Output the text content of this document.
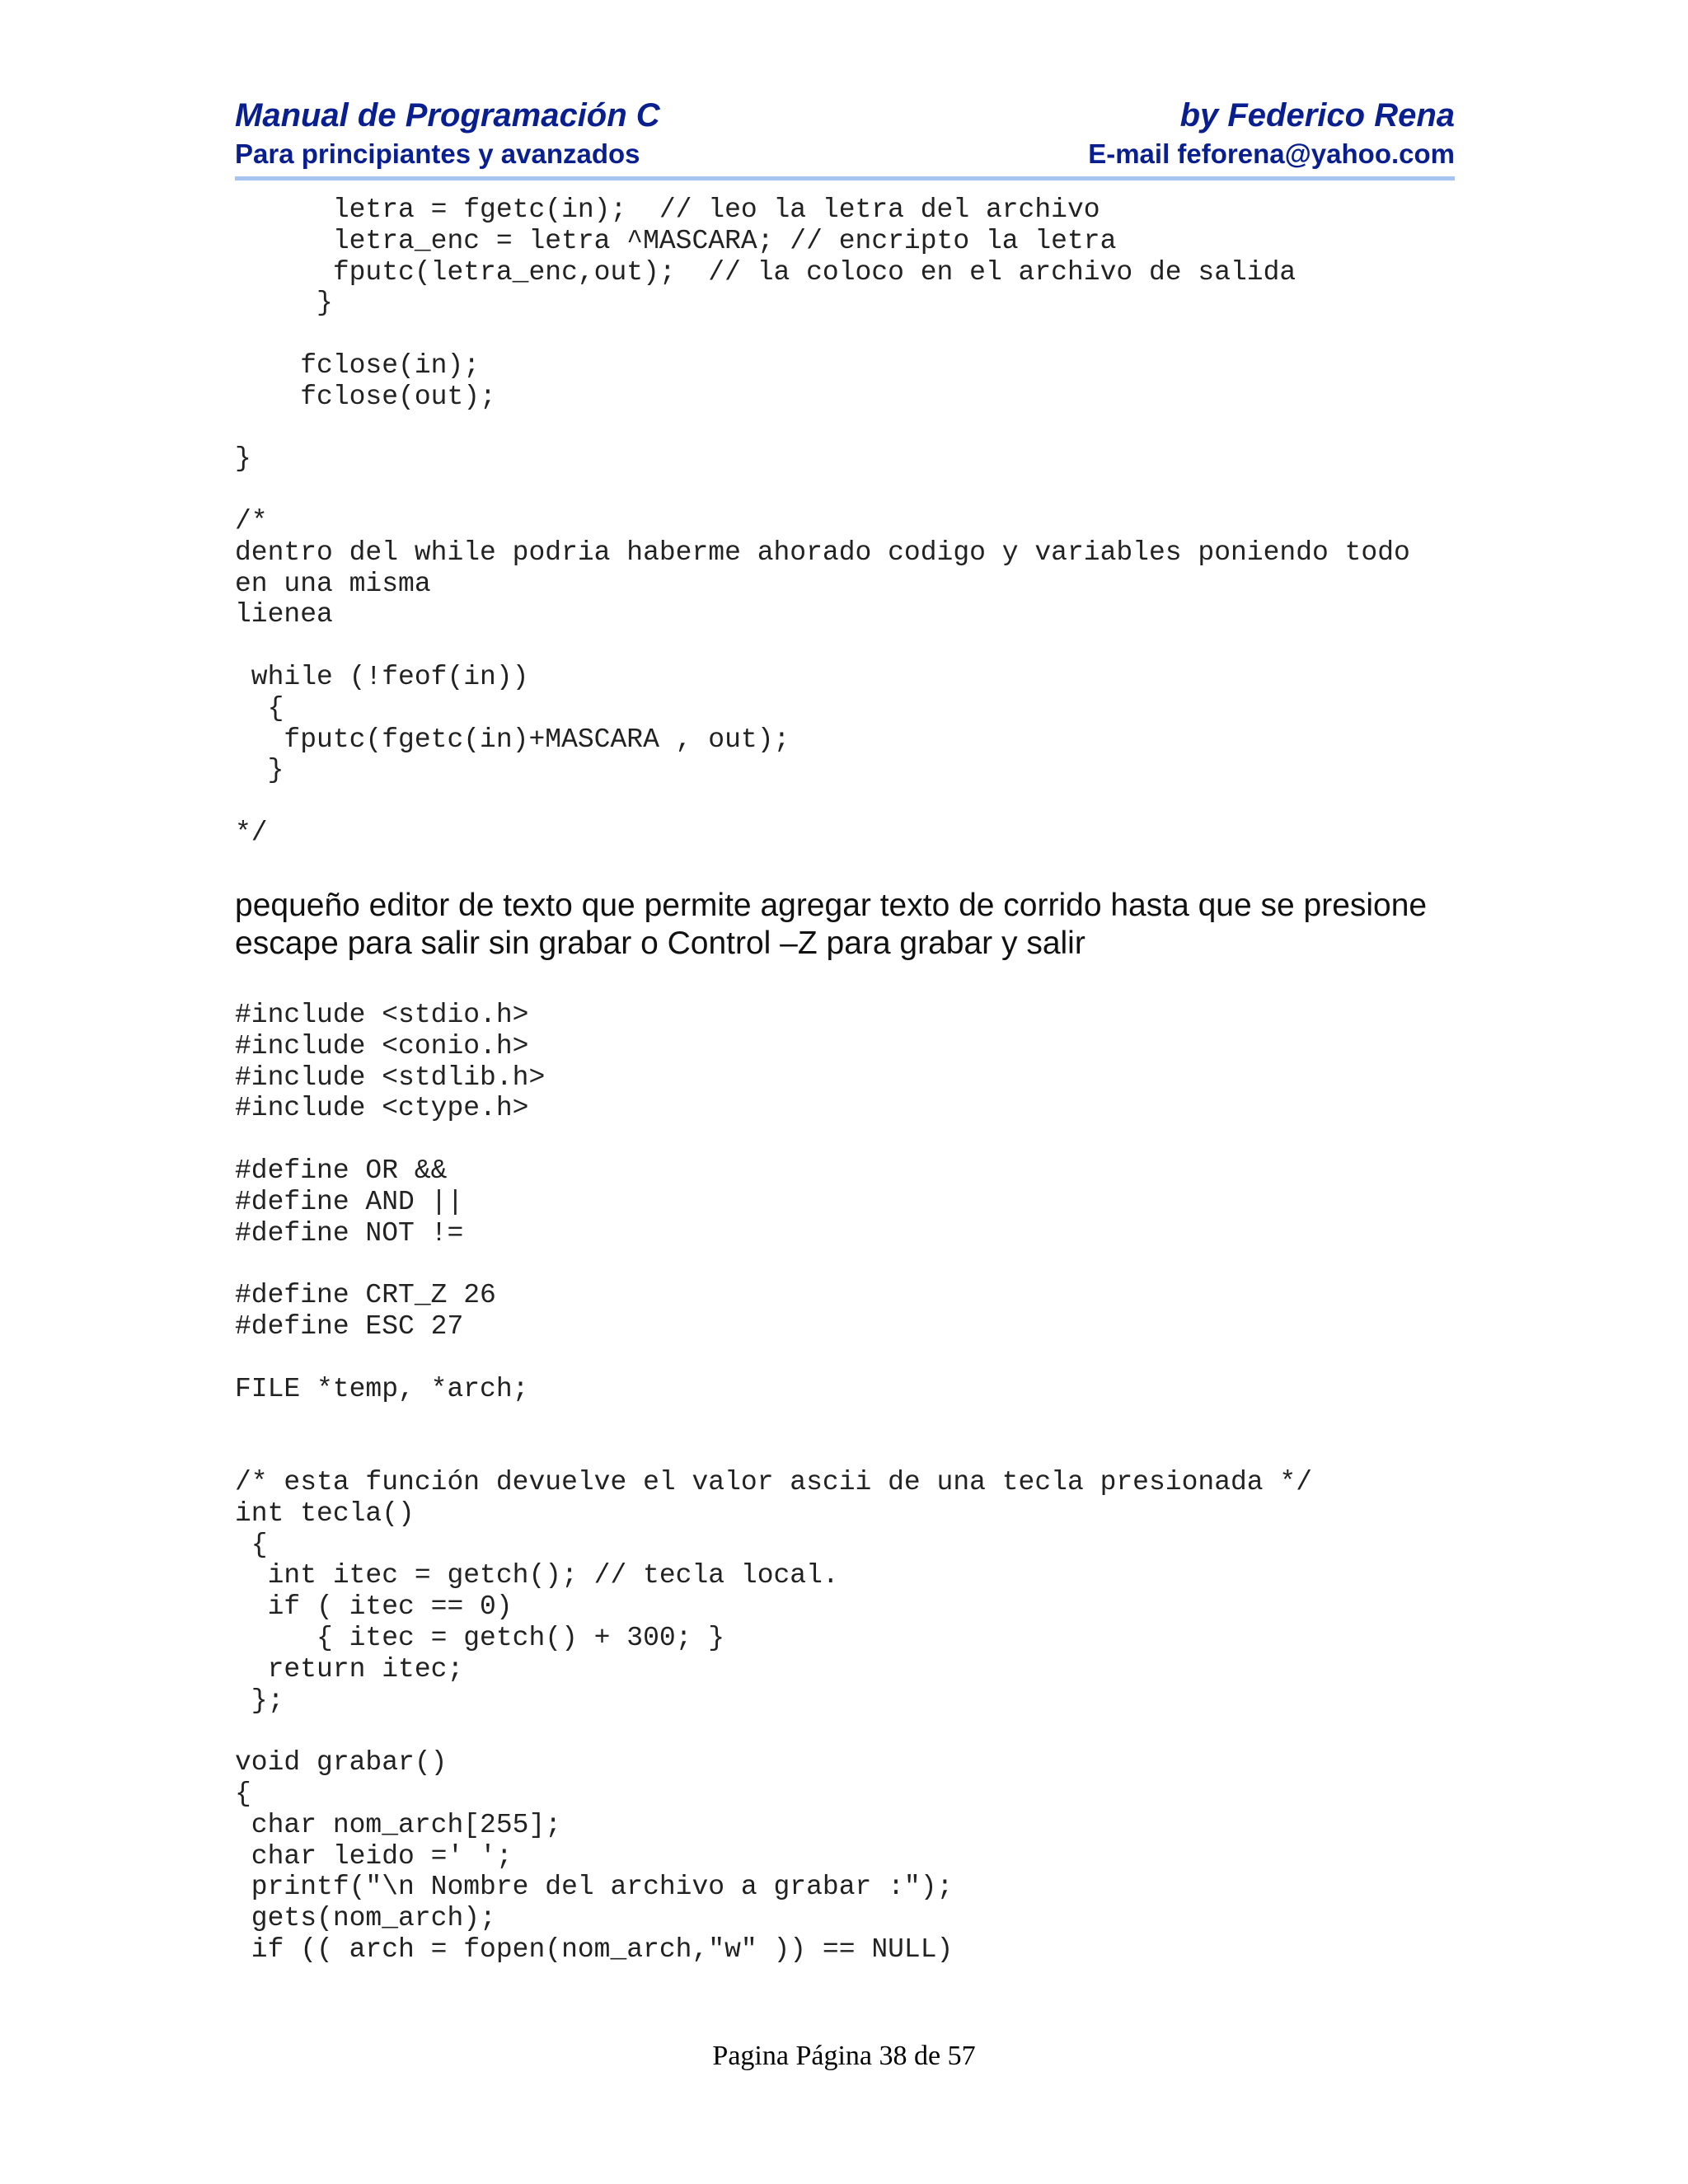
Manual de Programación C	by Federico Rena
Para principiantes y avanzados	E-mail feforena@yahoo.com
letra = fgetc(in);  // leo la letra del archivo
letra_enc = letra ^MASCARA; // encripto la letra
fputc(letra_enc,out);  // la coloco en el archivo de salida
}

fclose(in);
fclose(out);

}

/*
dentro del while podria haberme ahorado codigo y variables poniendo todo
en una misma
lienea

while (!feof(in))
{
fputc(fgetc(in)+MASCARA , out);
}

*/

pequeño editor de texto que permite agregar texto de corrido hasta que se presione escape para salir sin grabar o Control –Z para grabar y salir

#include <stdio.h>
#include <conio.h>
#include <stdlib.h>
#include <ctype.h>

#define OR &&
#define AND ||
#define NOT !=

#define CRT_Z 26
#define ESC 27

FILE *temp, *arch;

/* esta función devuelve el valor ascii de una tecla presionada */
int tecla()
{
int itec = getch(); // tecla local.
if ( itec == 0)
{ itec = getch() + 300; }
return itec;
};

void grabar()
{
char nom_arch[255];
char leido =' ';
printf("\n Nombre del archivo a grabar :");
gets(nom_arch);
if (( arch = fopen(nom_arch,"w" )) == NULL)
Pagina Página 38 de 57
